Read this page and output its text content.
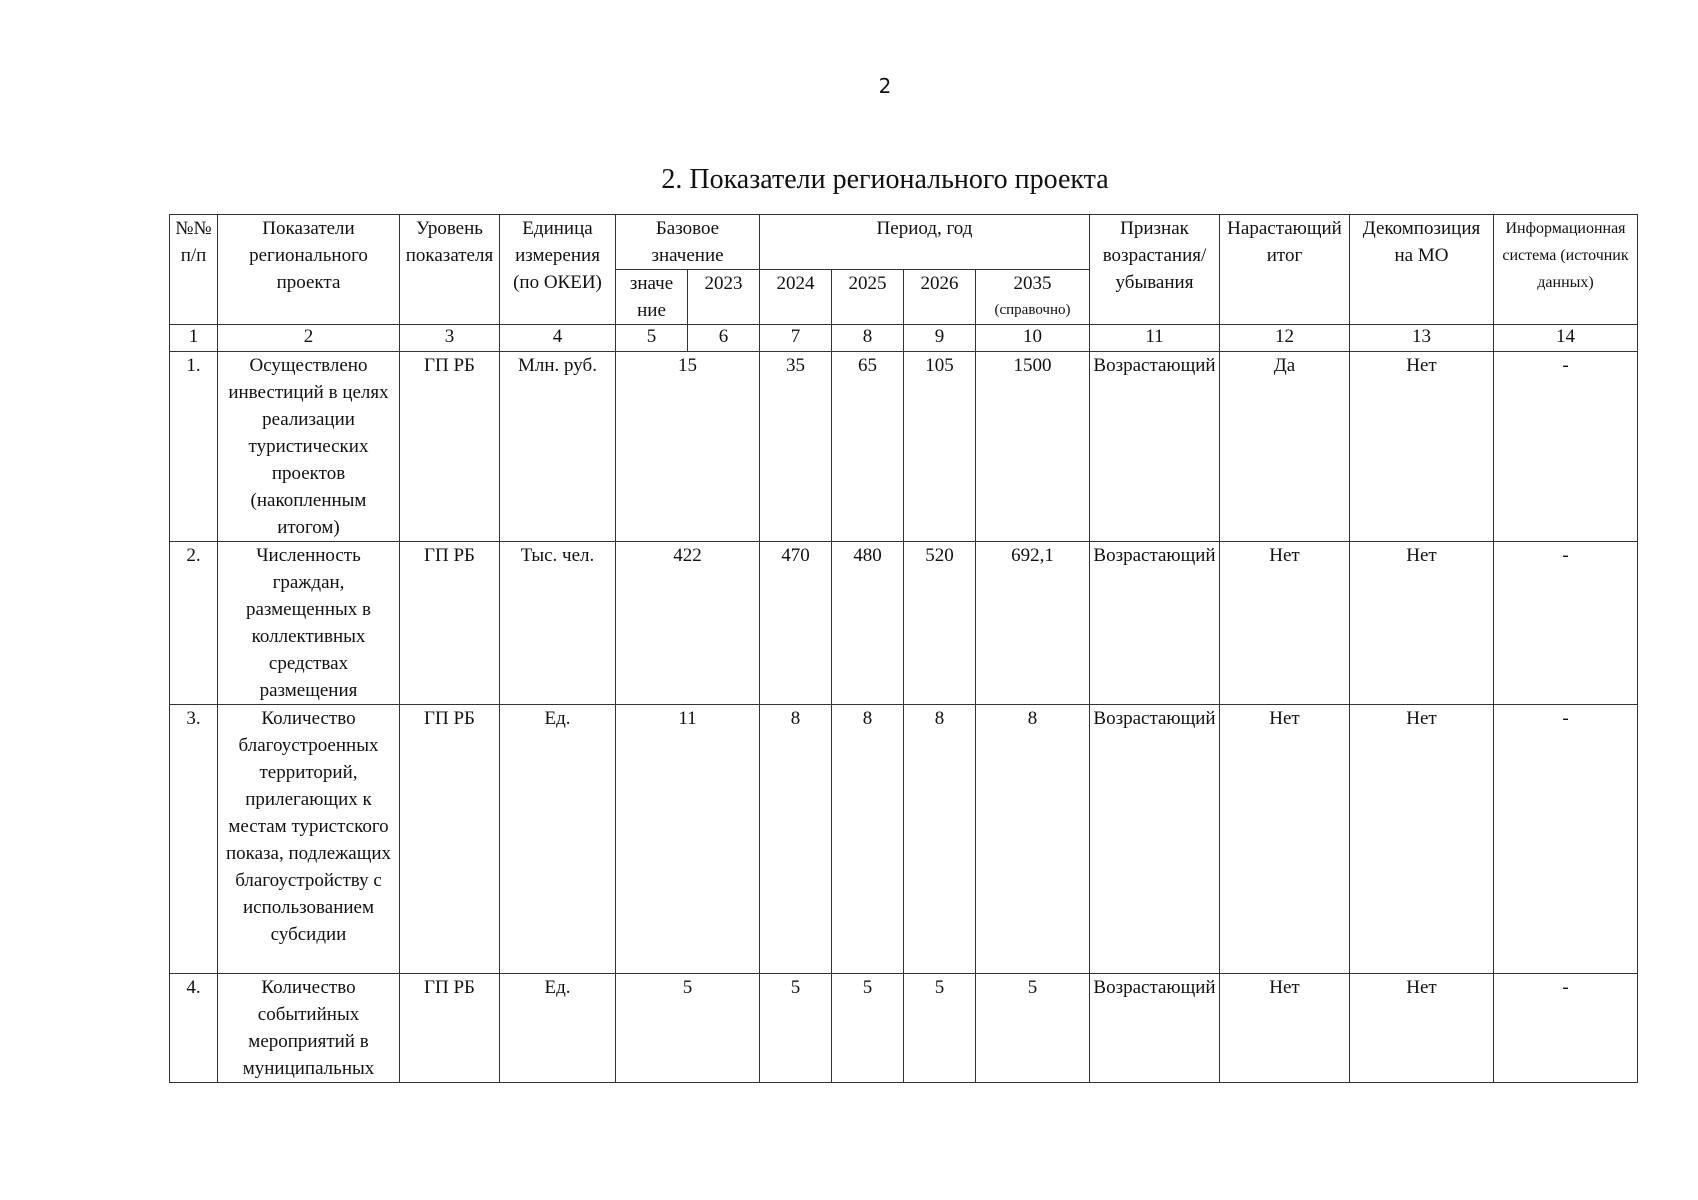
2
2. Показатели регионального проекта
№№ п/п	Показатели регионального проекта	Уровень показателя	Единица измерения (по ОКЕИ)	Базовое значение		Период, год				Признак возрастания/ убывания	Нарастающий итог	Декомпозиция на МО	Информационная система (источник данных)
				значе ние	2023	2024	2025	2026	2035
(справочно)				

1	2	3	4	5	6	7	8	9	10	11	12	13	14
1.	Осуществлено инвестиций в целях реализации туристических проектов (накопленным итогом)	ГП РБ	Млн. руб.	15		35	65	105	1500	Возрастающий	Да	Нет	-
2.	Численность граждан, размещенных в коллективных средствах размещения	ГП РБ	Тыс. чел.	422		470	480	520	692,1	Возрастающий	Нет	Нет	-
3.	Количество благоустроенных территорий, прилегающих к местам туристского показа, подлежащих благоустройству с использованием субсидии	ГП РБ	Ед.	11		8	8	8	8	Возрастающий	Нет	Нет	-
4.	Количество событийных мероприятий в муниципальных	ГП РБ	Ед.	5		5	5	5	5	Возрастающий	Нет	Нет	-
